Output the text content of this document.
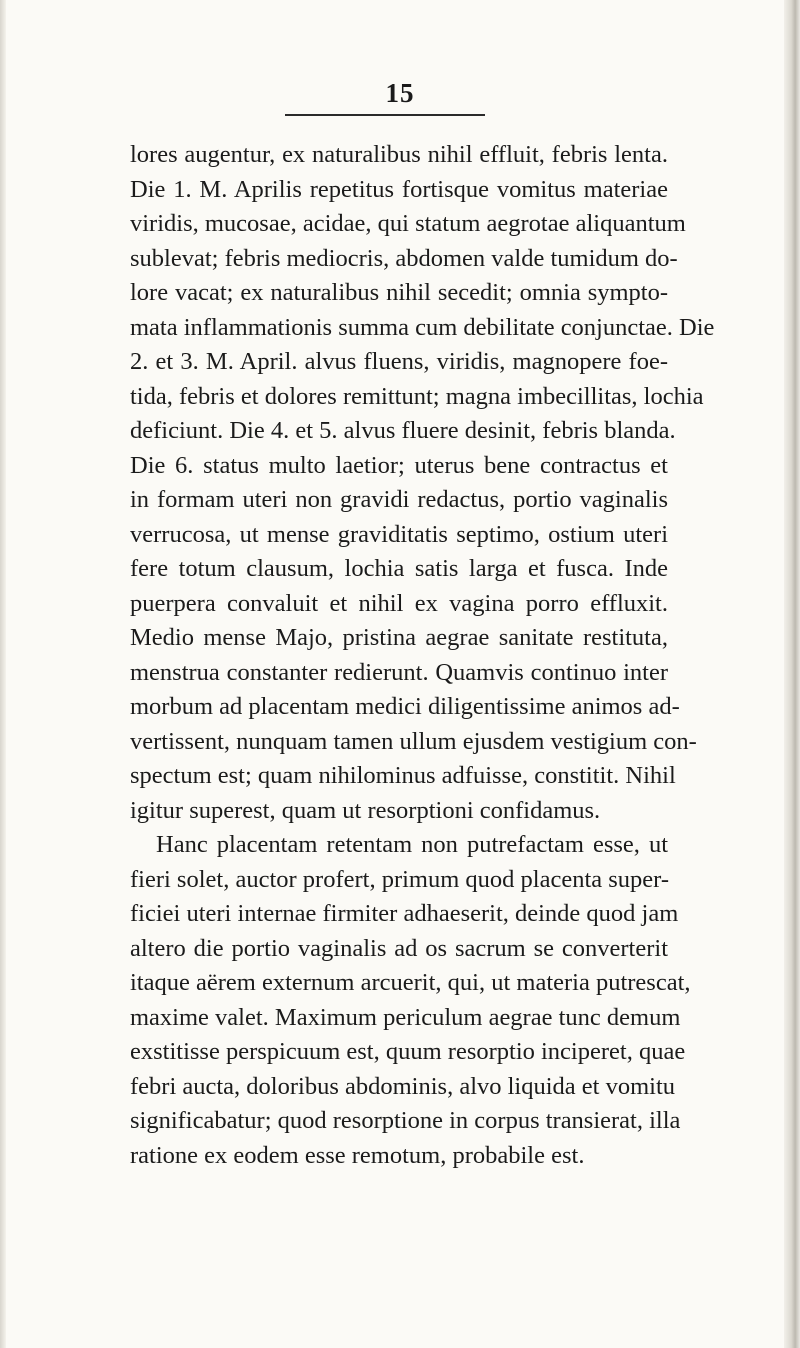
15
lores augentur, ex naturalibus nihil effluit, febris lenta.
Die 1. M. Aprilis repetitus fortisque vomitus materiae
viridis, mucosae, acidae, qui statum aegrotae aliquantum
sublevat; febris mediocris, abdomen valde tumidum do-
lore vacat; ex naturalibus nihil secedit; omnia sympto-
mata inflammationis summa cum debilitate conjunctae. Die
2. et 3. M. April. alvus fluens, viridis, magnopere foe-
tida, febris et dolores remittunt; magna imbecillitas, lochia
deficiunt. Die 4. et 5. alvus fluere desinit, febris blanda.
Die 6. status multo laetior; uterus bene contractus et
in formam uteri non gravidi redactus, portio vaginalis
verrucosa, ut mense graviditatis septimo, ostium uteri
fere totum clausum, lochia satis larga et fusca. Inde
puerpera convaluit et nihil ex vagina porro effluxit.
Medio mense Majo, pristina aegrae sanitate restituta,
menstrua constanter redierunt. Quamvis continuo inter
morbum ad placentam medici diligentissime animos ad-
vertissent, nunquam tamen ullum ejusdem vestigium con-
spectum est; quam nihilominus adfuisse, constitit. Nihil
igitur superest, quam ut resorptioni confidamus.
Hanc placentam retentam non putrefactam esse, ut
fieri solet, auctor profert, primum quod placenta super-
ficiei uteri internae firmiter adhaeserit, deinde quod jam
altero die portio vaginalis ad os sacrum se converterit
itaque aërem externum arcuerit, qui, ut materia putrescat,
maxime valet. Maximum periculum aegrae tunc demum
exstitisse perspicuum est, quum resorptio inciperet, quae
febri aucta, doloribus abdominis, alvo liquida et vomitu
significabatur; quod resorptione in corpus transierat, illa
ratione ex eodem esse remotum, probabile est.
